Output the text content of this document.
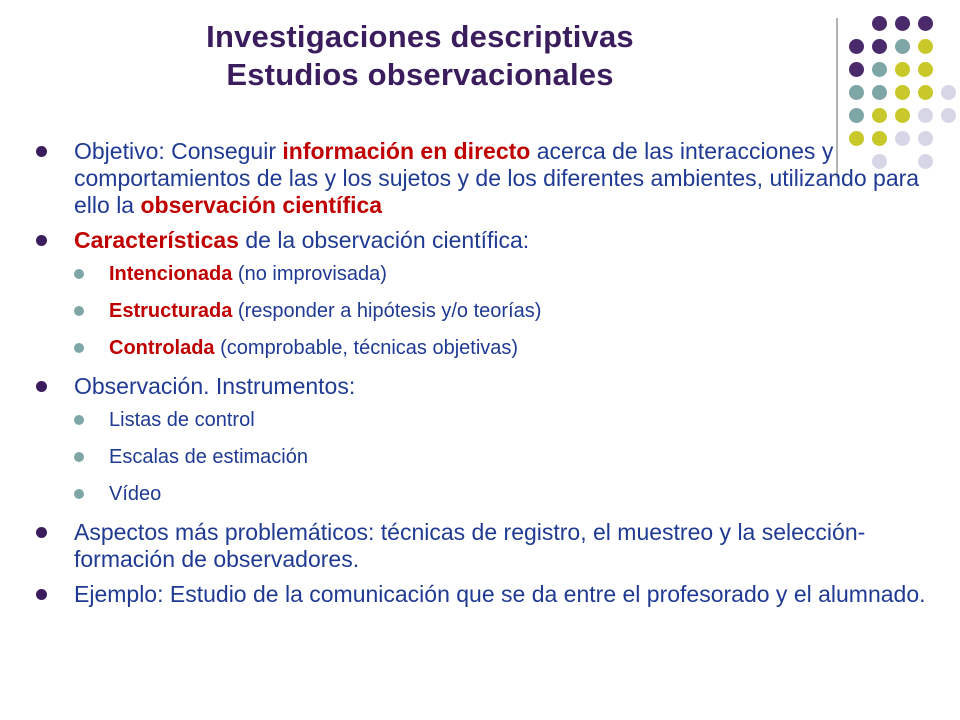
Investigaciones descriptivas
Estudios observacionales
Objetivo: Conseguir información en directo acerca de las interacciones y comportamientos de las y los sujetos y de los diferentes ambientes, utilizando para ello la observación científica
Características de la observación científica:
Intencionada (no improvisada)
Estructurada (responder a hipótesis y/o teorías)
Controlada (comprobable, técnicas objetivas)
Observación. Instrumentos:
Listas de control
Escalas de estimación
Vídeo
Aspectos más problemáticos: técnicas de registro, el muestreo y la selección-formación de observadores.
Ejemplo: Estudio de la comunicación que se da entre el profesorado y el alumnado.
